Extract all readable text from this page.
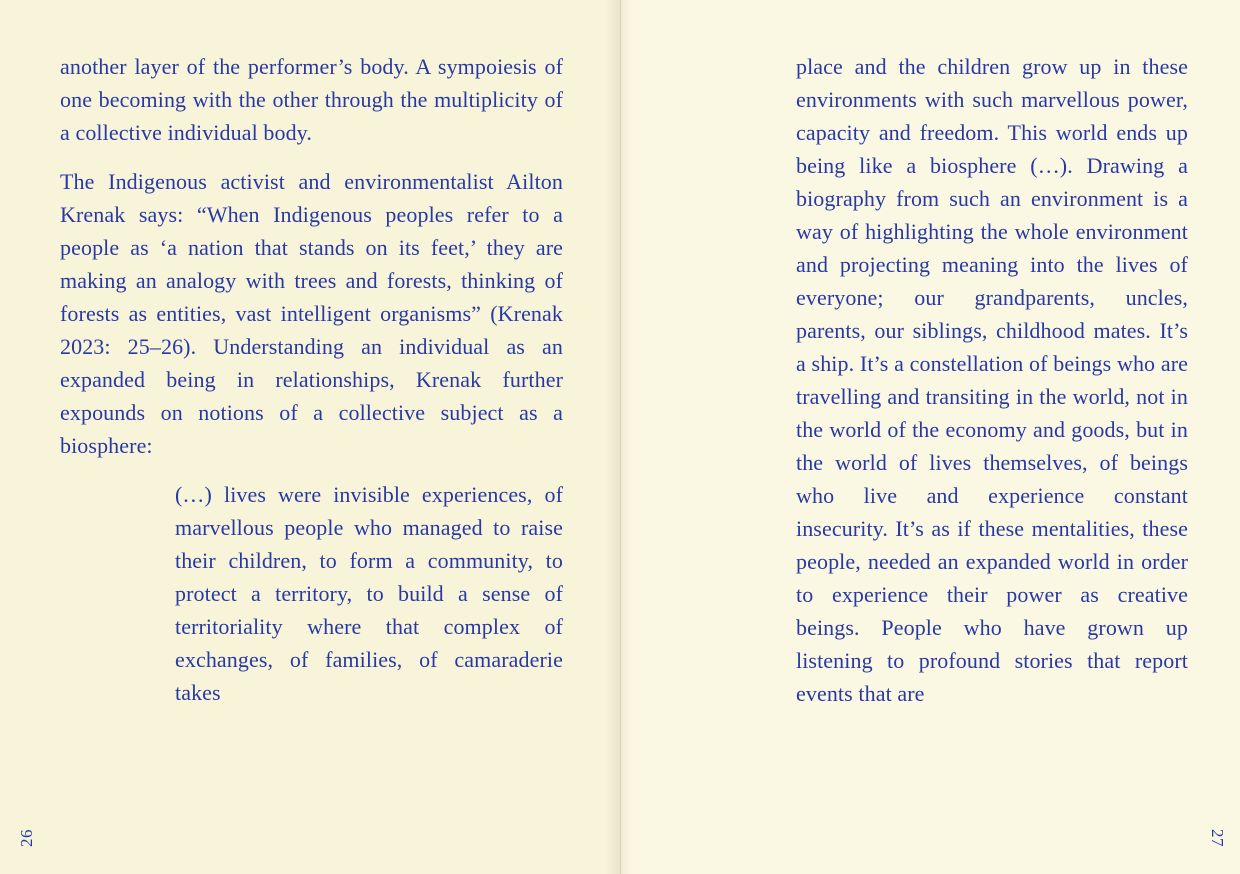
another layer of the performer’s body. A sympoiesis of one becoming with the other through the multiplicity of a collective individual body.

The Indigenous activist and environmentalist Ailton Krenak says: “When Indigenous peoples refer to a people as ‘a nation that stands on its feet,’ they are making an analogy with trees and forests, thinking of forests as entities, vast intelligent organisms” (Krenak 2023: 25–26). Understanding an individual as an expanded being in relationships, Krenak further expounds on notions of a collective subject as a biosphere:

(…) lives were invisible experiences, of marvellous people who managed to raise their children, to form a community, to protect a territory, to build a sense of territoriality where that complex of exchanges, of families, of camaraderie takes

26

place and the children grow up in these environments with such marvellous power, capacity and freedom. This world ends up being like a biosphere (…). Drawing a biography from such an environment is a way of highlighting the whole environment and projecting meaning into the lives of everyone; our grandparents, uncles, parents, our siblings, childhood mates. It’s a ship. It’s a constellation of beings who are travelling and transiting in the world, not in the world of the economy and goods, but in the world of lives themselves, of beings who live and experience constant insecurity. It’s as if these mentalities, these people, needed an expanded world in order to experience their power as creative beings. People who have grown up listening to profound stories that report events that are

27
